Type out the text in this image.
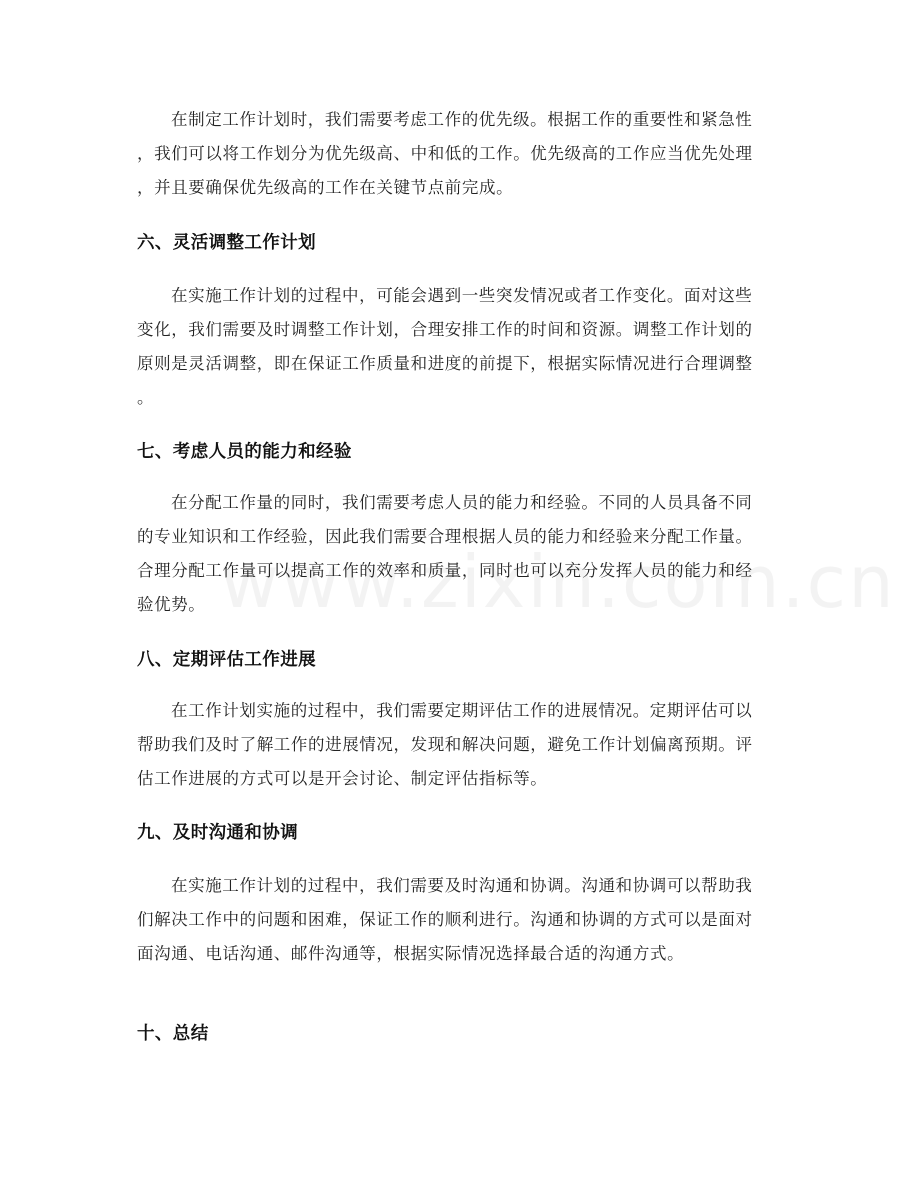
在制定工作计划时，我们需要考虑工作的优先级。根据工作的重要性和紧急性
，我们可以将工作划分为优先级高、中和低的工作。优先级高的工作应当优先处理
，并且要确保优先级高的工作在关键节点前完成。
六、灵活调整工作计划
在实施工作计划的过程中，可能会遇到一些突发情况或者工作变化。面对这些
变化，我们需要及时调整工作计划，合理安排工作的时间和资源。调整工作计划的
原则是灵活调整，即在保证工作质量和进度的前提下，根据实际情况进行合理调整
。
七、考虑人员的能力和经验
在分配工作量的同时，我们需要考虑人员的能力和经验。不同的人员具备不同
的专业知识和工作经验，因此我们需要合理根据人员的能力和经验来分配工作量。
合理分配工作量可以提高工作的效率和质量，同时也可以充分发挥人员的能力和经
验优势。
八、定期评估工作进展
在工作计划实施的过程中，我们需要定期评估工作的进展情况。定期评估可以
帮助我们及时了解工作的进展情况，发现和解决问题，避免工作计划偏离预期。评
估工作进展的方式可以是开会讨论、制定评估指标等。
九、及时沟通和协调
在实施工作计划的过程中，我们需要及时沟通和协调。沟通和协调可以帮助我
们解决工作中的问题和困难，保证工作的顺利进行。沟通和协调的方式可以是面对
面沟通、电话沟通、邮件沟通等，根据实际情况选择最合适的沟通方式。
十、总结
